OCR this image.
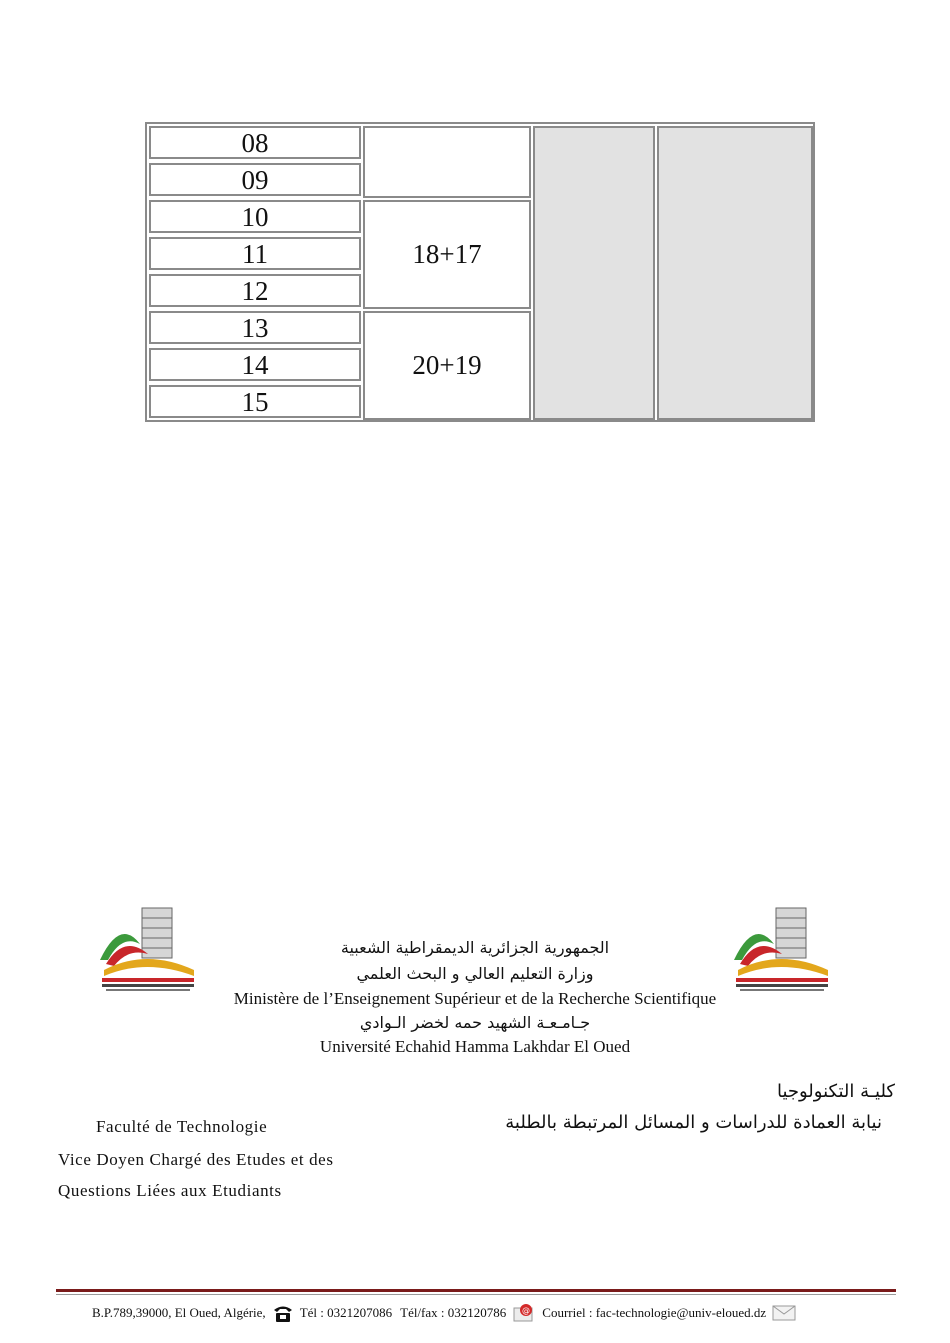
08
09
10
11
12
13
14
15
18+17
20+19
الجمهورية الجزائرية الديمقراطية الشعبية
وزارة التعليم العالي و البحث العلمي
Ministère de l’Enseignement Supérieur et de la Recherche Scientifique
جـامـعـة الشهيد حمه لخضر الـوادي
Université Echahid Hamma Lakhdar El Oued
كليـة التكنولوجيا
نيابة العمادة للدراسات و المسائل المرتبطة بالطلبة
Faculté de Technologie
Vice Doyen Chargé des Etudes et des
Questions Liées aux Etudiants
B.P.789,39000, El Oued, Algérie,	Tél : 0321207086 Tél/fax : 032120786 @ Courriel : fac-technologie@univ-eloued.dz
